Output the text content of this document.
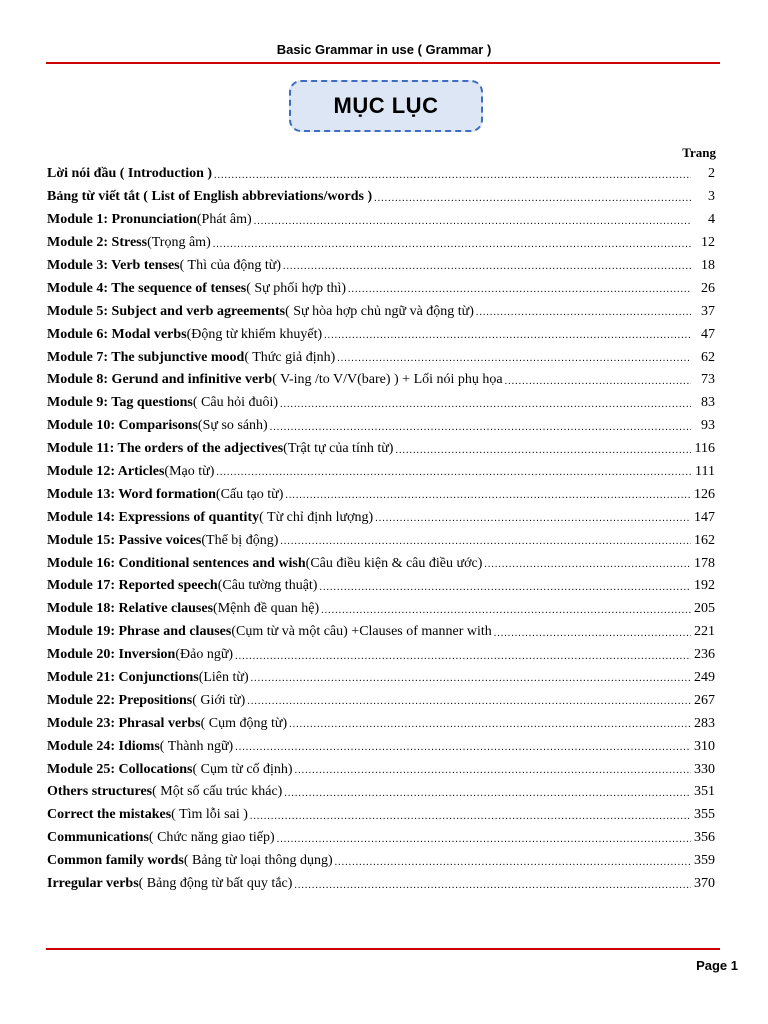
Basic Grammar in use ( Grammar )
MỤC LỤC
Trang
Lời nói đầu ( Introduction ) .....	2
Bảng từ viết tắt ( List of English abbreviations/words ) .....	3
Module 1: Pronunciation (Phát âm) .....	4
Module 2: Stress (Trọng âm) .....	12
Module 3: Verb tenses ( Thì của động từ) .....	18
Module 4: The sequence of tenses ( Sự phối hợp thì) .....	26
Module 5: Subject and verb agreements ( Sự hòa hợp chủ ngữ và động từ) .....	37
Module 6: Modal verbs (Động từ khiếm khuyết) .....	47
Module 7: The subjunctive mood ( Thức giả định) .....	62
Module 8: Gerund and infinitive verb ( V-ing /to V/V(bare) ) + Lối nói phụ họa .....	73
Module 9: Tag questions ( Câu hỏi đuôi) .....	83
Module 10: Comparisons (Sự so sánh) .....	93
Module 11: The orders of the adjectives (Trật tự của tính từ) .....	116
Module 12: Articles (Mạo từ) .....	111
Module 13: Word formation (Cấu tạo từ) .....	126
Module 14: Expressions of quantity ( Từ chỉ định lượng) .....	147
Module 15: Passive voices (Thể bị động) .....	162
Module 16: Conditional sentences and wish (Câu điều kiện & câu điều ước) .....	178
Module 17: Reported speech (Câu tường thuật) .....	192
Module 18: Relative clauses (Mệnh đề quan hệ) .....	205
Module 19: Phrase and clauses (Cụm từ và một câu) +Clauses of manner with .....	221
Module 20: Inversion (Đảo ngữ) .....	236
Module 21: Conjunctions (Liên từ) .....	249
Module 22: Prepositions ( Giới từ) .....	267
Module 23: Phrasal verbs ( Cụm động từ) .....	283
Module 24: Idioms ( Thành ngữ) .....	310
Module 25: Collocations ( Cụm từ cố định) .....	330
Others structures ( Một số cấu trúc khác) .....	351
Correct the mistakes ( Tìm lỗi sai ) .....	355
Communications ( Chức năng giao tiếp) .....	356
Common family words ( Bảng từ loại thông dụng) .....	359
Irregular verbs ( Bảng động từ bất quy tắc) .....	370
Page 1
